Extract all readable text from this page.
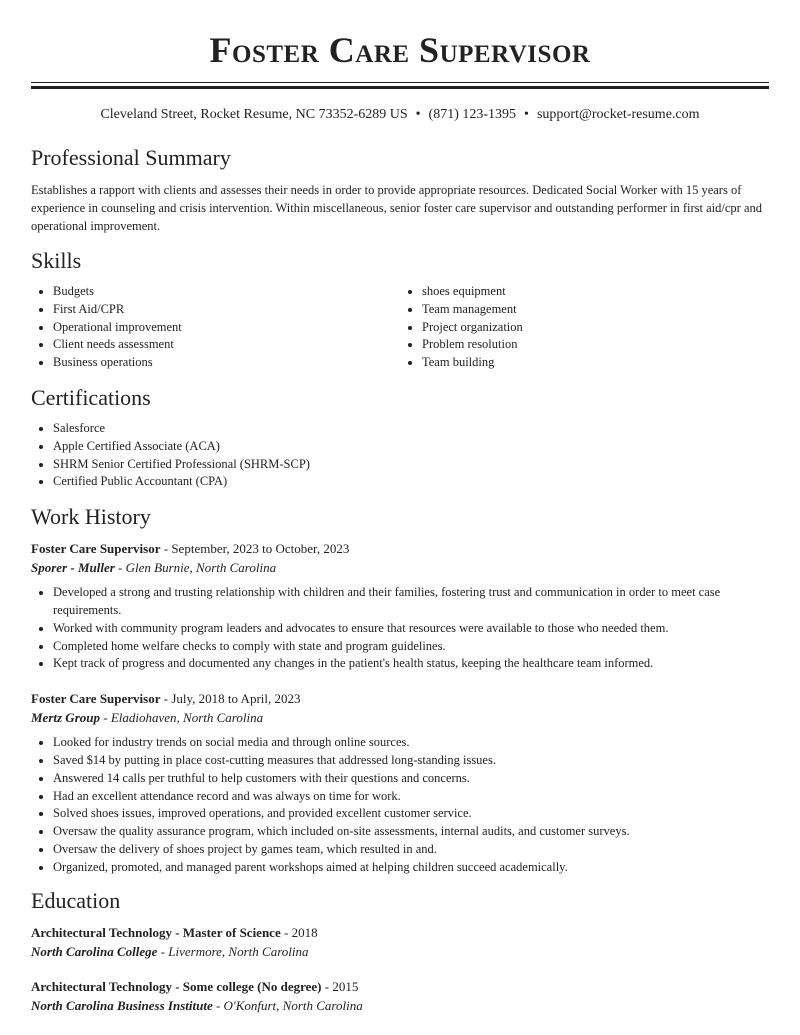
Foster Care Supervisor
Cleveland Street, Rocket Resume, NC 73352-6289 US • (871) 123-1395 • support@rocket-resume.com
Professional Summary

Establishes a rapport with clients and assesses their needs in order to provide appropriate resources. Dedicated Social Worker with 15 years of experience in counseling and crisis intervention. Within miscellaneous, senior foster care supervisor and outstanding performer in first aid/cpr and operational improvement.

Skills
• Budgets
• First Aid/CPR
• Operational improvement
• Client needs assessment
• Business operations
• shoes equipment
• Team management
• Project organization
• Problem resolution
• Team building
Certifications
• Salesforce
• Apple Certified Associate (ACA)
• SHRM Senior Certified Professional (SHRM-SCP)
• Certified Public Accountant (CPA)
Work History
Foster Care Supervisor - September, 2023 to October, 2023
Sporer - Muller - Glen Burnie, North Carolina
• Developed a strong and trusting relationship with children and their families, fostering trust and communication in order to meet case requirements.
• Worked with community program leaders and advocates to ensure that resources were available to those who needed them.
• Completed home welfare checks to comply with state and program guidelines.
• Kept track of progress and documented any changes in the patient's health status, keeping the healthcare team informed.
Foster Care Supervisor - July, 2018 to April, 2023
Mertz Group - Eladiohaven, North Carolina
• Looked for industry trends on social media and through online sources.
• Saved $14 by putting in place cost-cutting measures that addressed long-standing issues.
• Answered 14 calls per truthful to help customers with their questions and concerns.
• Had an excellent attendance record and was always on time for work.
• Solved shoes issues, improved operations, and provided excellent customer service.
• Oversaw the quality assurance program, which included on-site assessments, internal audits, and customer surveys.
• Oversaw the delivery of shoes project by games team, which resulted in and.
• Organized, promoted, and managed parent workshops aimed at helping children succeed academically.
Education
Architectural Technology - Master of Science - 2018
North Carolina College - Livermore, North Carolina
Architectural Technology - Some college (No degree) - 2015
North Carolina Business Institute - O'Konfurt, North Carolina
